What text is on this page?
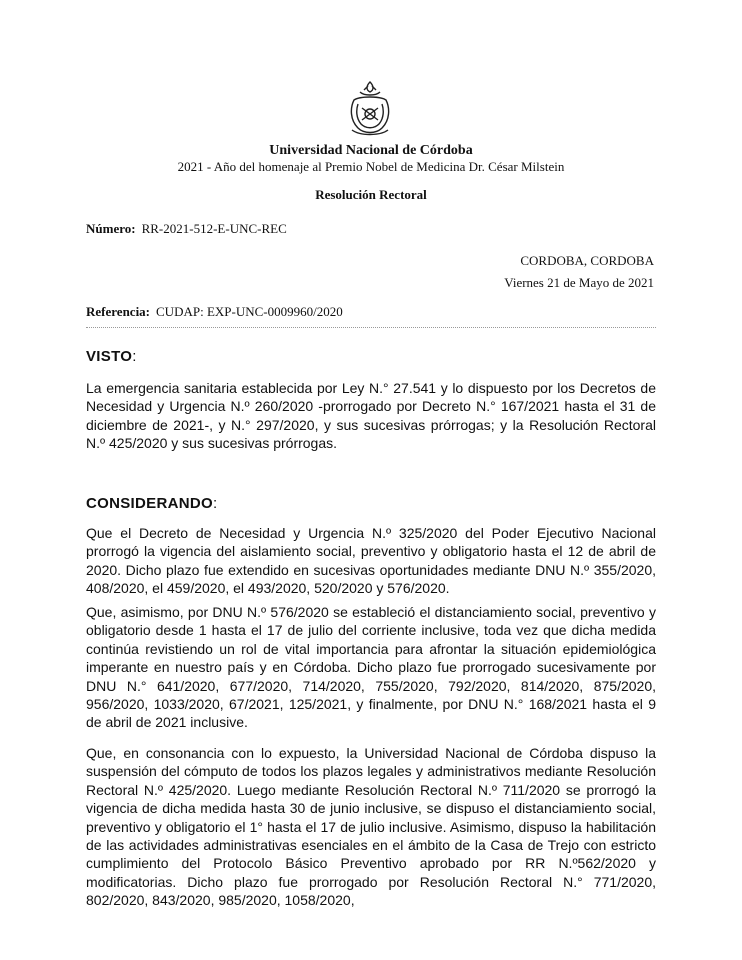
Universidad Nacional de Córdoba
2021 - Año del homenaje al Premio Nobel de Medicina Dr. César Milstein
Resolución Rectoral
Número: RR-2021-512-E-UNC-REC
CORDOBA, CORDOBA
Viernes 21 de Mayo de 2021
Referencia: CUDAP: EXP-UNC-0009960/2020
VISTO:
La emergencia sanitaria establecida por Ley N.° 27.541 y lo dispuesto por los Decretos de Necesidad y Urgencia N.º 260/2020 -prorrogado por Decreto N.° 167/2021 hasta el 31 de diciembre de 2021-, y N.° 297/2020, y sus sucesivas prórrogas; y la Resolución Rectoral N.º 425/2020 y sus sucesivas prórrogas.
CONSIDERANDO:
Que el Decreto de Necesidad y Urgencia N.º 325/2020 del Poder Ejecutivo Nacional prorrogó la vigencia del aislamiento social, preventivo y obligatorio hasta el 12 de abril de 2020. Dicho plazo fue extendido en sucesivas oportunidades mediante DNU N.º 355/2020, 408/2020, el 459/2020, el 493/2020, 520/2020 y 576/2020.
Que, asimismo, por DNU N.º 576/2020 se estableció el distanciamiento social, preventivo y obligatorio desde 1 hasta el 17 de julio del corriente inclusive, toda vez que dicha medida continúa revistiendo un rol de vital importancia para afrontar la situación epidemiológica imperante en nuestro país y en Córdoba. Dicho plazo fue prorrogado sucesivamente por DNU N.° 641/2020, 677/2020, 714/2020, 755/2020, 792/2020, 814/2020, 875/2020, 956/2020, 1033/2020, 67/2021, 125/2021, y finalmente, por DNU N.° 168/2021 hasta el 9 de abril de 2021 inclusive.
Que, en consonancia con lo expuesto, la Universidad Nacional de Córdoba dispuso la suspensión del cómputo de todos los plazos legales y administrativos mediante Resolución Rectoral N.º 425/2020. Luego mediante Resolución Rectoral N.º 711/2020 se prorrogó la vigencia de dicha medida hasta 30 de junio inclusive, se dispuso el distanciamiento social, preventivo y obligatorio el 1° hasta el 17 de julio inclusive. Asimismo, dispuso la habilitación de las actividades administrativas esenciales en el ámbito de la Casa de Trejo con estricto cumplimiento del Protocolo Básico Preventivo aprobado por RR N.º562/2020 y modificatorias. Dicho plazo fue prorrogado por Resolución Rectoral N.° 771/2020, 802/2020, 843/2020, 985/2020, 1058/2020,
